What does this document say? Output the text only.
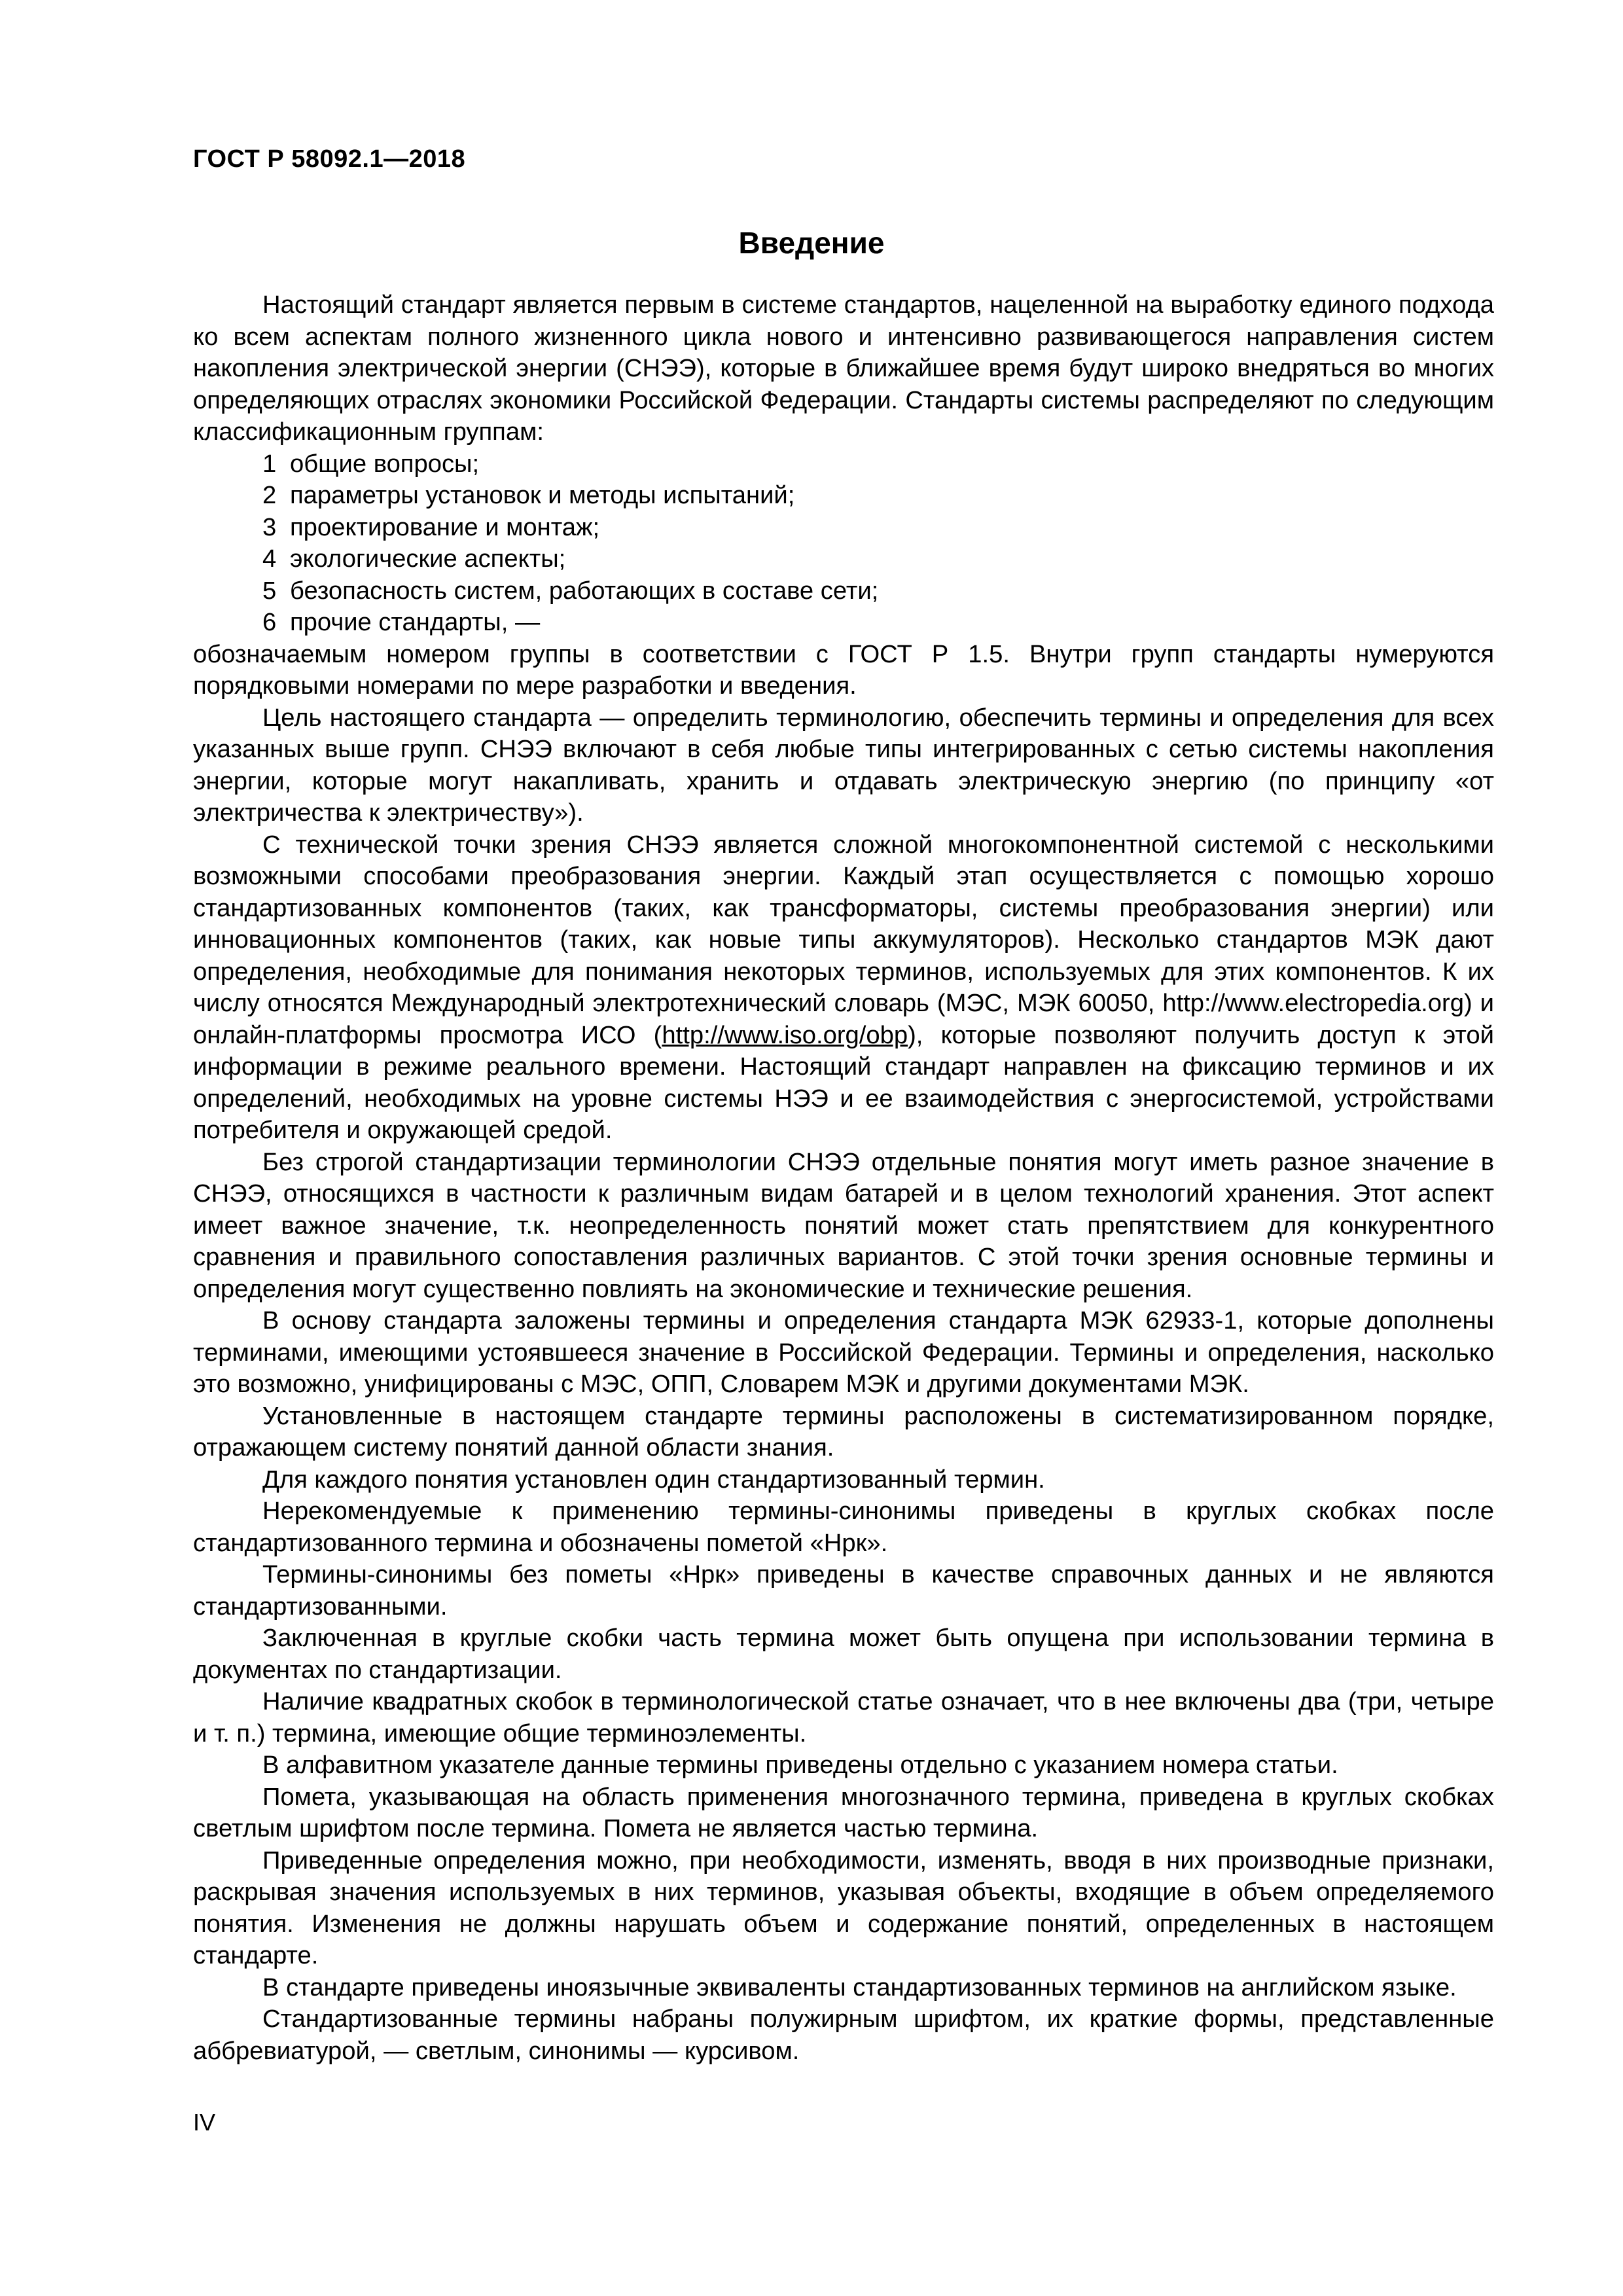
ГОСТ Р 58092.1—2018
Введение

Настоящий стандарт является первым в системе стандартов, нацеленной на выработку единого подхода ко всем аспектам полного жизненного цикла нового и интенсивно развивающегося направления систем накопления электрической энергии (СНЭЭ), которые в ближайшее время будут широко внедряться во многих определяющих отраслях экономики Российской Федерации. Стандарты системы распределяют по следующим классификационным группам:

1 общие вопросы;
2 параметры установок и методы испытаний;
3 проектирование и монтаж;
4 экологические аспекты;
5 безопасность систем, работающих в составе сети;
6 прочие стандарты, —

обозначаемым номером группы в соответствии с ГОСТ Р 1.5. Внутри групп стандарты нумеруются порядковыми номерами по мере разработки и введения.

Цель настоящего стандарта — определить терминологию, обеспечить термины и определения для всех указанных выше групп. СНЭЭ включают в себя любые типы интегрированных с сетью системы накопления энергии, которые могут накапливать, хранить и отдавать электрическую энергию (по принципу «от электричества к электричеству»).

С технической точки зрения СНЭЭ является сложной многокомпонентной системой с несколькими возможными способами преобразования энергии. Каждый этап осуществляется с помощью хорошо стандартизованных компонентов (таких, как трансформаторы, системы преобразования энергии) или инновационных компонентов (таких, как новые типы аккумуляторов). Несколько стандартов МЭК дают определения, необходимые для понимания некоторых терминов, используемых для этих компонентов. К их числу относятся Международный электротехнический словарь (МЭС, МЭК 60050, http://www.electropedia.org) и онлайн-платформы просмотра ИСО (http://www.iso.org/obp), которые позволяют получить доступ к этой информации в режиме реального времени. Настоящий стандарт направлен на фиксацию терминов и их определений, необходимых на уровне системы НЭЭ и ее взаимодействия с энергосистемой, устройствами потребителя и окружающей средой.

Без строгой стандартизации терминологии СНЭЭ отдельные понятия могут иметь разное значение в СНЭЭ, относящихся в частности к различным видам батарей и в целом технологий хранения. Этот аспект имеет важное значение, т.к. неопределенность понятий может стать препятствием для конкурентного сравнения и правильного сопоставления различных вариантов. С этой точки зрения основные термины и определения могут существенно повлиять на экономические и технические решения.

В основу стандарта заложены термины и определения стандарта МЭК 62933-1, которые дополнены терминами, имеющими устоявшееся значение в Российской Федерации. Термины и определения, насколько это возможно, унифицированы с МЭС, ОПП, Словарем МЭК и другими документами МЭК.

Установленные в настоящем стандарте термины расположены в систематизированном порядке, отражающем систему понятий данной области знания.

Для каждого понятия установлен один стандартизованный термин.

Нерекомендуемые к применению термины-синонимы приведены в круглых скобках после стандартизованного термина и обозначены пометой «Нрк».

Термины-синонимы без пометы «Нрк» приведены в качестве справочных данных и не являются стандартизованными.

Заключенная в круглые скобки часть термина может быть опущена при использовании термина в документах по стандартизации.

Наличие квадратных скобок в терминологической статье означает, что в нее включены два (три, четыре и т. п.) термина, имеющие общие терминоэлементы.

В алфавитном указателе данные термины приведены отдельно с указанием номера статьи.

Помета, указывающая на область применения многозначного термина, приведена в круглых скобках светлым шрифтом после термина. Помета не является частью термина.

Приведенные определения можно, при необходимости, изменять, вводя в них производные признаки, раскрывая значения используемых в них терминов, указывая объекты, входящие в объем определяемого понятия. Изменения не должны нарушать объем и содержание понятий, определенных в настоящем стандарте.

В стандарте приведены иноязычные эквиваленты стандартизованных терминов на английском языке.

Стандартизованные термины набраны полужирным шрифтом, их краткие формы, представленные аббревиатурой, — светлым, синонимы — курсивом.

IV
